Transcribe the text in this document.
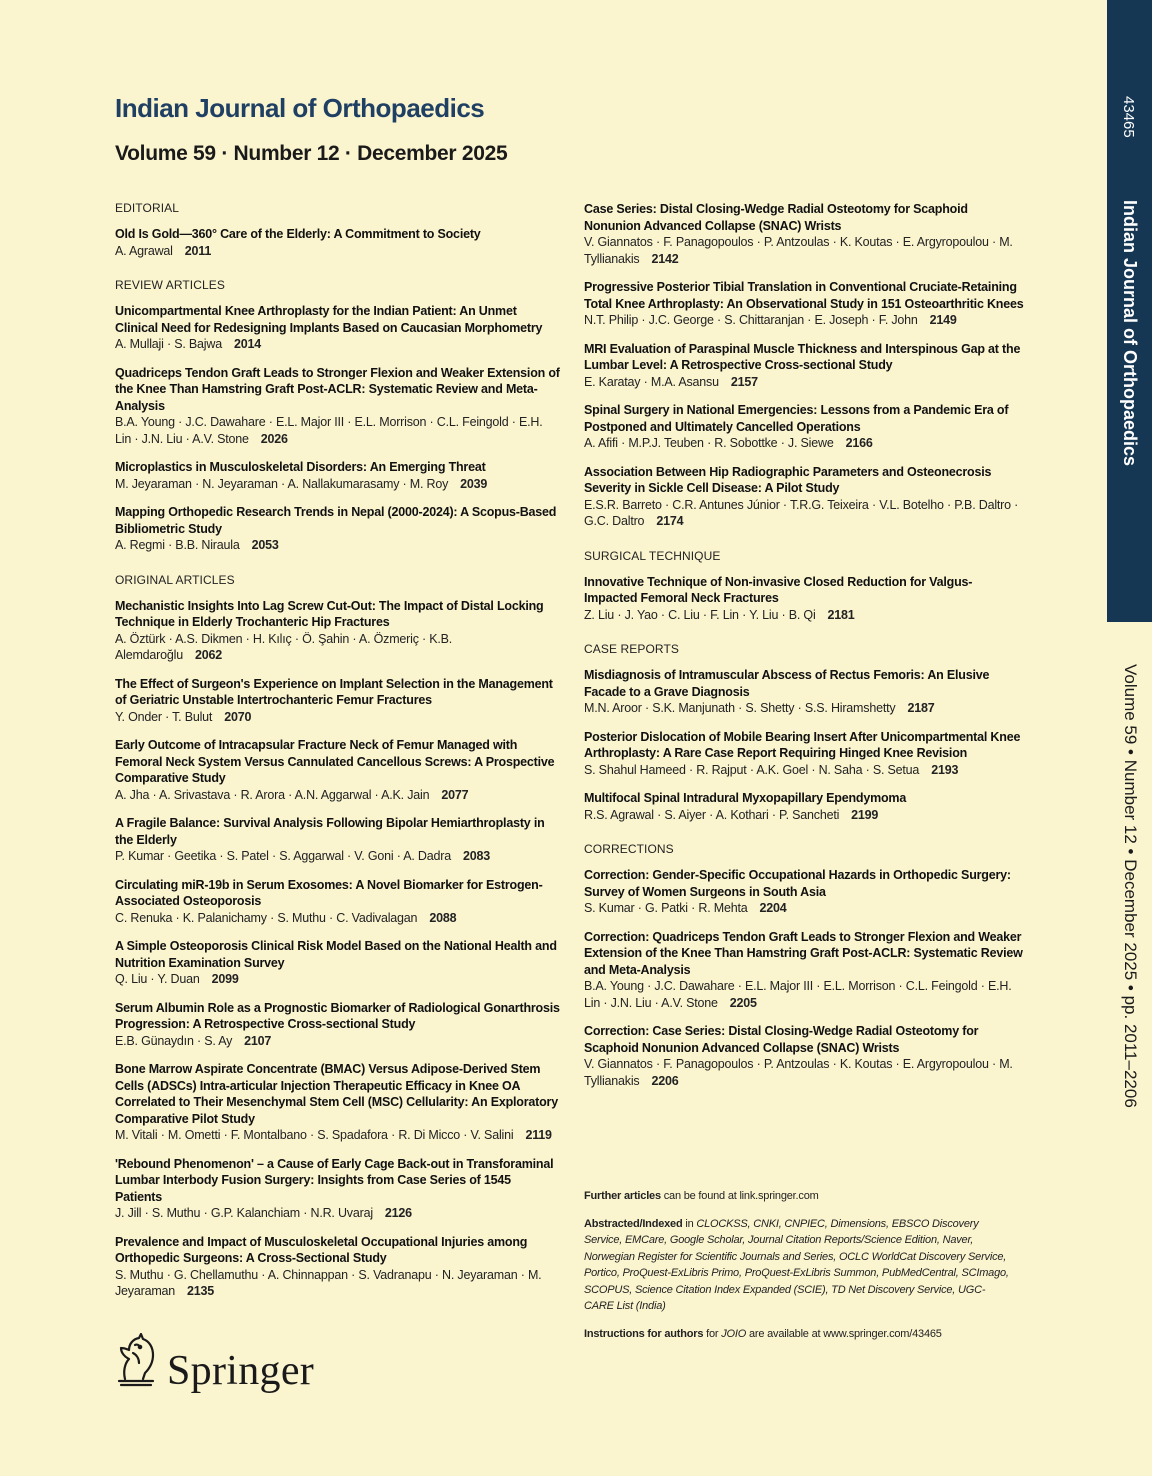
43465
Indian Journal of Orthopaedics
Volume 59 • Number 12 • December 2025 • pp. 2011–2206
Indian Journal of Orthopaedics
Volume 59 · Number 12 · December 2025
EDITORIAL
Old Is Gold—360° Care of the Elderly: A Commitment to Society
A. Agrawal 2011
REVIEW ARTICLES
Unicompartmental Knee Arthroplasty for the Indian Patient: An Unmet Clinical Need for Redesigning Implants Based on Caucasian Morphometry
A. Mullaji · S. Bajwa 2014
Quadriceps Tendon Graft Leads to Stronger Flexion and Weaker Extension of the Knee Than Hamstring Graft Post-ACLR: Systematic Review and Meta-Analysis
B.A. Young · J.C. Dawahare · E.L. Major III · E.L. Morrison · C.L. Feingold · E.H. Lin · J.N. Liu · A.V. Stone 2026
Microplastics in Musculoskeletal Disorders: An Emerging Threat
M. Jeyaraman · N. Jeyaraman · A. Nallakumarasamy · M. Roy 2039
Mapping Orthopedic Research Trends in Nepal (2000-2024): A Scopus-Based Bibliometric Study
A. Regmi · B.B. Niraula 2053
ORIGINAL ARTICLES
Mechanistic Insights Into Lag Screw Cut-Out: The Impact of Distal Locking Technique in Elderly Trochanteric Hip Fractures
A. Öztürk · A.S. Dikmen · H. Kılıç · Ö. Şahin · A. Özmeriç · K.B. Alemdaroğlu 2062
The Effect of Surgeon's Experience on Implant Selection in the Management of Geriatric Unstable Intertrochanteric Femur Fractures
Y. Onder · T. Bulut 2070
Early Outcome of Intracapsular Fracture Neck of Femur Managed with Femoral Neck System Versus Cannulated Cancellous Screws: A Prospective Comparative Study
A. Jha · A. Srivastava · R. Arora · A.N. Aggarwal · A.K. Jain 2077
A Fragile Balance: Survival Analysis Following Bipolar Hemiarthroplasty in the Elderly
P. Kumar · Geetika · S. Patel · S. Aggarwal · V. Goni · A. Dadra 2083
Circulating miR-19b in Serum Exosomes: A Novel Biomarker for Estrogen-Associated Osteoporosis
C. Renuka · K. Palanichamy · S. Muthu · C. Vadivalagan 2088
A Simple Osteoporosis Clinical Risk Model Based on the National Health and Nutrition Examination Survey
Q. Liu · Y. Duan 2099
Serum Albumin Role as a Prognostic Biomarker of Radiological Gonarthrosis Progression: A Retrospective Cross-sectional Study
E.B. Günaydın · S. Ay 2107
Bone Marrow Aspirate Concentrate (BMAC) Versus Adipose-Derived Stem Cells (ADSCs) Intra-articular Injection Therapeutic Efficacy in Knee OA Correlated to Their Mesenchymal Stem Cell (MSC) Cellularity: An Exploratory Comparative Pilot Study
M. Vitali · M. Ometti · F. Montalbano · S. Spadafora · R. Di Micco · V. Salini 2119
'Rebound Phenomenon' – a Cause of Early Cage Back-out in Transforaminal Lumbar Interbody Fusion Surgery: Insights from Case Series of 1545 Patients
J. Jill · S. Muthu · G.P. Kalanchiam · N.R. Uvaraj 2126
Prevalence and Impact of Musculoskeletal Occupational Injuries among Orthopedic Surgeons: A Cross-Sectional Study
S. Muthu · G. Chellamuthu · A. Chinnappan · S. Vadranapu · N. Jeyaraman · M. Jeyaraman 2135
Case Series: Distal Closing-Wedge Radial Osteotomy for Scaphoid Nonunion Advanced Collapse (SNAC) Wrists
V. Giannatos · F. Panagopoulos · P. Antzoulas · K. Koutas · E. Argyropoulou · M. Tyllianakis 2142
Progressive Posterior Tibial Translation in Conventional Cruciate-Retaining Total Knee Arthroplasty: An Observational Study in 151 Osteoarthritic Knees
N.T. Philip · J.C. George · S. Chittaranjan · E. Joseph · F. John 2149
MRI Evaluation of Paraspinal Muscle Thickness and Interspinous Gap at the Lumbar Level: A Retrospective Cross-sectional Study
E. Karatay · M.A. Asansu 2157
Spinal Surgery in National Emergencies: Lessons from a Pandemic Era of Postponed and Ultimately Cancelled Operations
A. Afifi · M.P.J. Teuben · R. Sobottke · J. Siewe 2166
Association Between Hip Radiographic Parameters and Osteonecrosis Severity in Sickle Cell Disease: A Pilot Study
E.S.R. Barreto · C.R. Antunes Júnior · T.R.G. Teixeira · V.L. Botelho · P.B. Daltro · G.C. Daltro 2174
SURGICAL TECHNIQUE
Innovative Technique of Non-invasive Closed Reduction for Valgus-Impacted Femoral Neck Fractures
Z. Liu · J. Yao · C. Liu · F. Lin · Y. Liu · B. Qi 2181
CASE REPORTS
Misdiagnosis of Intramuscular Abscess of Rectus Femoris: An Elusive Facade to a Grave Diagnosis
M.N. Aroor · S.K. Manjunath · S. Shetty · S.S. Hiramshetty 2187
Posterior Dislocation of Mobile Bearing Insert After Unicompartmental Knee Arthroplasty: A Rare Case Report Requiring Hinged Knee Revision
S. Shahul Hameed · R. Rajput · A.K. Goel · N. Saha · S. Setua 2193
Multifocal Spinal Intradural Myxopapillary Ependymoma
R.S. Agrawal · S. Aiyer · A. Kothari · P. Sancheti 2199
CORRECTIONS
Correction: Gender-Specific Occupational Hazards in Orthopedic Surgery: Survey of Women Surgeons in South Asia
S. Kumar · G. Patki · R. Mehta 2204
Correction: Quadriceps Tendon Graft Leads to Stronger Flexion and Weaker Extension of the Knee Than Hamstring Graft Post-ACLR: Systematic Review and Meta-Analysis
B.A. Young · J.C. Dawahare · E.L. Major III · E.L. Morrison · C.L. Feingold · E.H. Lin · J.N. Liu · A.V. Stone 2205
Correction: Case Series: Distal Closing-Wedge Radial Osteotomy for Scaphoid Nonunion Advanced Collapse (SNAC) Wrists
V. Giannatos · F. Panagopoulos · P. Antzoulas · K. Koutas · E. Argyropoulou · M. Tyllianakis 2206

Further articles can be found at link.springer.com

Abstracted/Indexed in CLOCKSS, CNKI, CNPIEC, Dimensions, EBSCO Discovery Service, EMCare, Google Scholar, Journal Citation Reports/Science Edition, Naver, Norwegian Register for Scientific Journals and Series, OCLC WorldCat Discovery Service, Portico, ProQuest-ExLibris Primo, ProQuest-ExLibris Summon, PubMedCentral, SCImago, SCOPUS, Science Citation Index Expanded (SCIE), TD Net Discovery Service, UGC-CARE List (India)

Instructions for authors for JOIO are available at www.springer.com/43465

Springer
